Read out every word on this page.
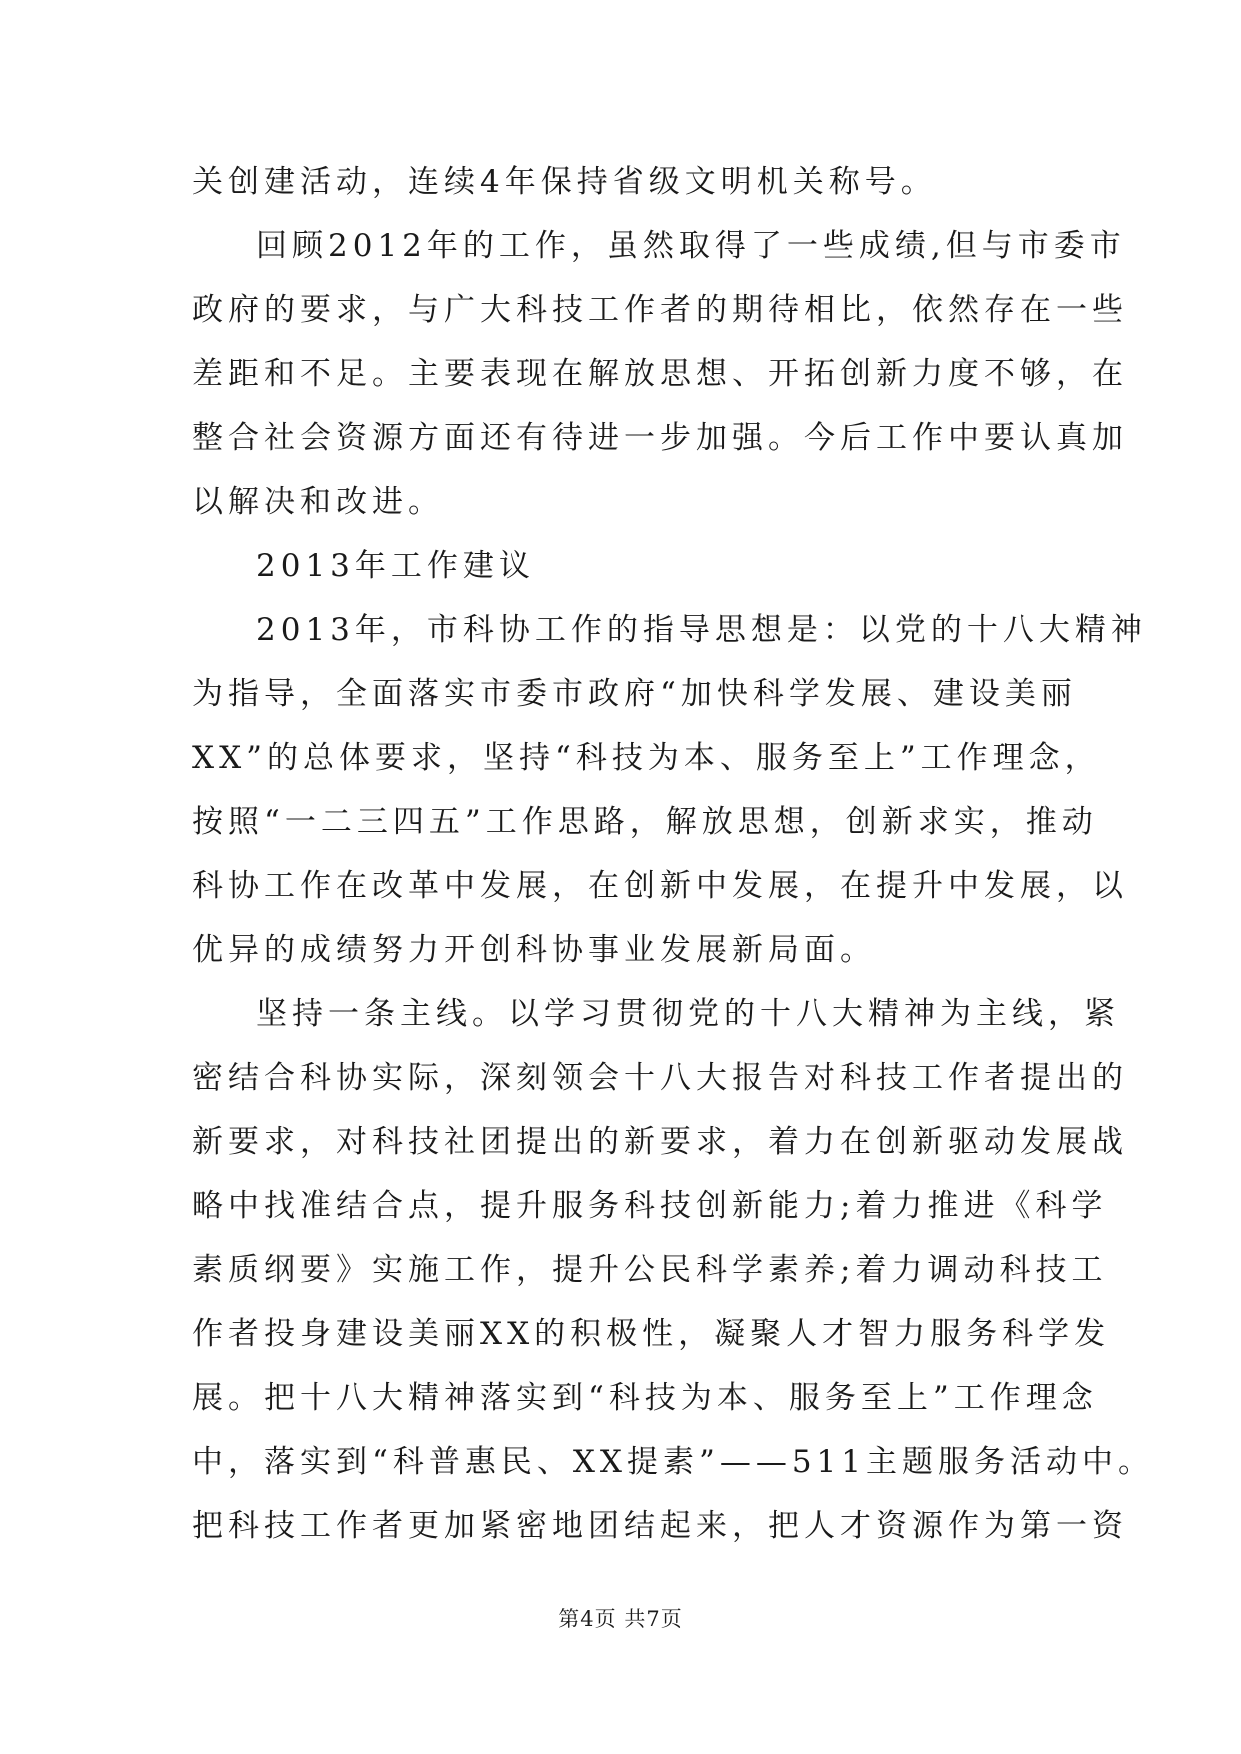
关创建活动，连续4年保持省级文明机关称号。
回顾2012年的工作，虽然取得了一些成绩,但与市委市
政府的要求，与广大科技工作者的期待相比，依然存在一些
差距和不足。主要表现在解放思想、开拓创新力度不够，在
整合社会资源方面还有待进一步加强。今后工作中要认真加
以解决和改进。
2013年工作建议
2013年，市科协工作的指导思想是：以党的十八大精神
为指导，全面落实市委市政府“加快科学发展、建设美丽
XX”的总体要求，坚持“科技为本、服务至上”工作理念，
按照“一二三四五”工作思路，解放思想，创新求实，推动
科协工作在改革中发展，在创新中发展，在提升中发展，以
优异的成绩努力开创科协事业发展新局面。
坚持一条主线。以学习贯彻党的十八大精神为主线，紧
密结合科协实际，深刻领会十八大报告对科技工作者提出的
新要求，对科技社团提出的新要求，着力在创新驱动发展战
略中找准结合点，提升服务科技创新能力;着力推进《科学
素质纲要》实施工作，提升公民科学素养;着力调动科技工
作者投身建设美丽XX的积极性，凝聚人才智力服务科学发
展。把十八大精神落实到“科技为本、服务至上”工作理念
中，落实到“科普惠民、XX提素”——511主题服务活动中。
把科技工作者更加紧密地团结起来，把人才资源作为第一资
第4页 共7页
